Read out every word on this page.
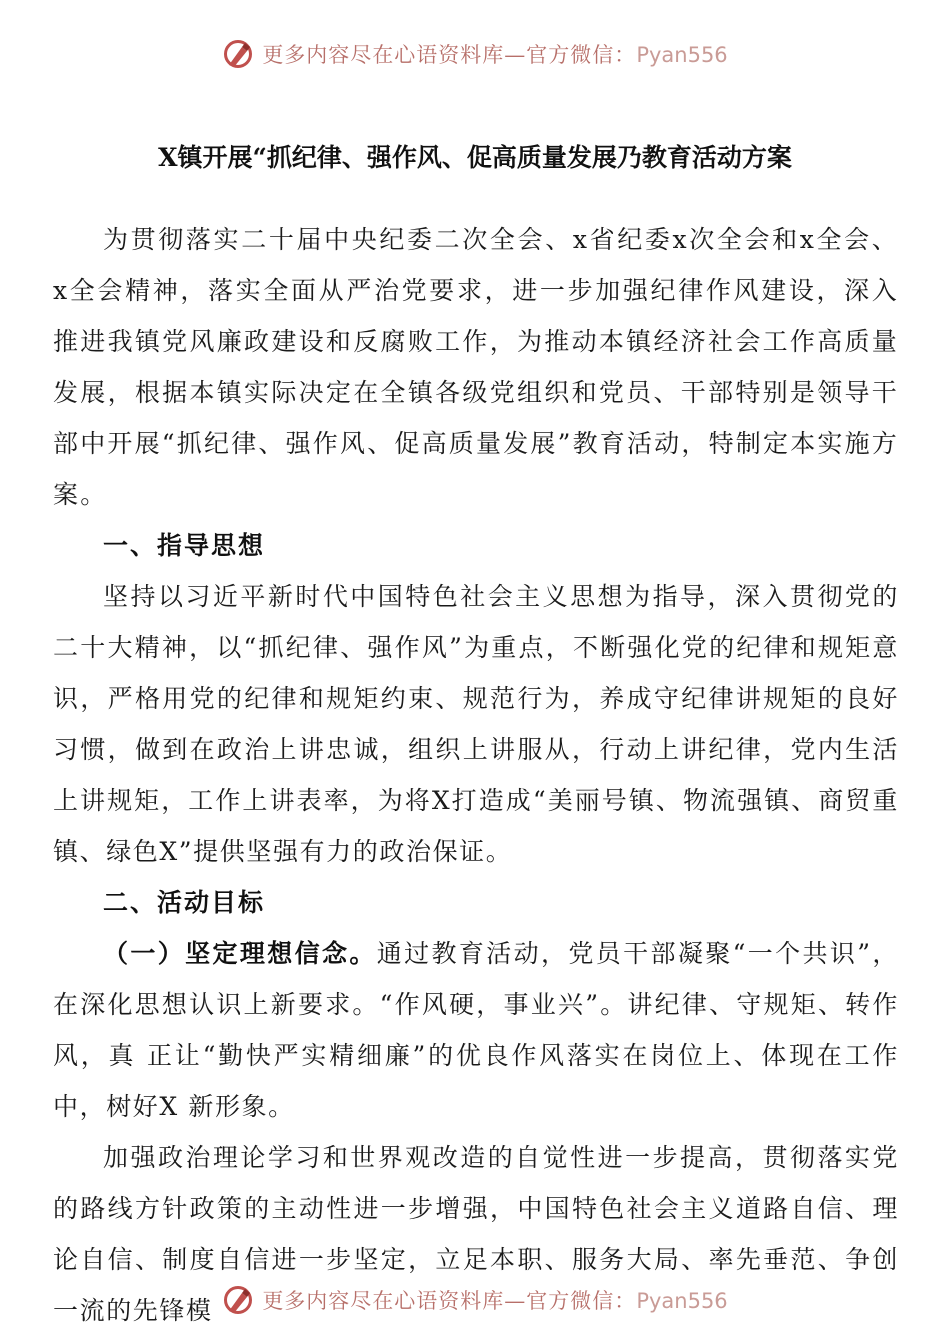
更多内容尽在心语资料库—官方微信：Pyan556
X镇开展“抓纪律、强作风、促高质量发展乃教育活动方案

为贯彻落实二十届中央纪委二次全会、x省纪委x次全会和x全会、x全会精神，落实全面从严治党要求，进一步加强纪律作风建设，深入推进我镇党风廉政建设和反腐败工作，为推动本镇经济社会工作高质量发展，根据本镇实际决定在全镇各级党组织和党员、干部特别是领导干部中开展“抓纪律、强作风、促高质量发展”教育活动，特制定本实施方案。

一、指导思想

坚持以习近平新时代中国特色社会主义思想为指导，深入贯彻党的二十大精神，以“抓纪律、强作风”为重点，不断强化党的纪律和规矩意识，严格用党的纪律和规矩约束、规范行为，养成守纪律讲规矩的良好习惯，做到在政治上讲忠诚，组织上讲服从，行动上讲纪律，党内生活上讲规矩，工作上讲表率，为将X打造成“美丽号镇、物流强镇、商贸重镇、绿色X”提供坚强有力的政治保证。

二、活动目标

（一）坚定理想信念。通过教育活动，党员干部凝聚“一个共识”，在深化思想认识上新要求。“作风硬，事业兴”。讲纪律、守规矩、转作风，真 正让“勤快严实精细廉”的优良作风落实在岗位上、体现在工作中，树好X 新形象。

加强政治理论学习和世界观改造的自觉性进一步提高，贯彻落实党的路线方针政策的主动性进一步增强，中国特色社会主义道路自信、理论自信、制度自信进一步坚定，立足本职、服务大局、率先垂范、争创一流的先锋模	更多内容尽在心语资料库—官方微信：Pyan556
